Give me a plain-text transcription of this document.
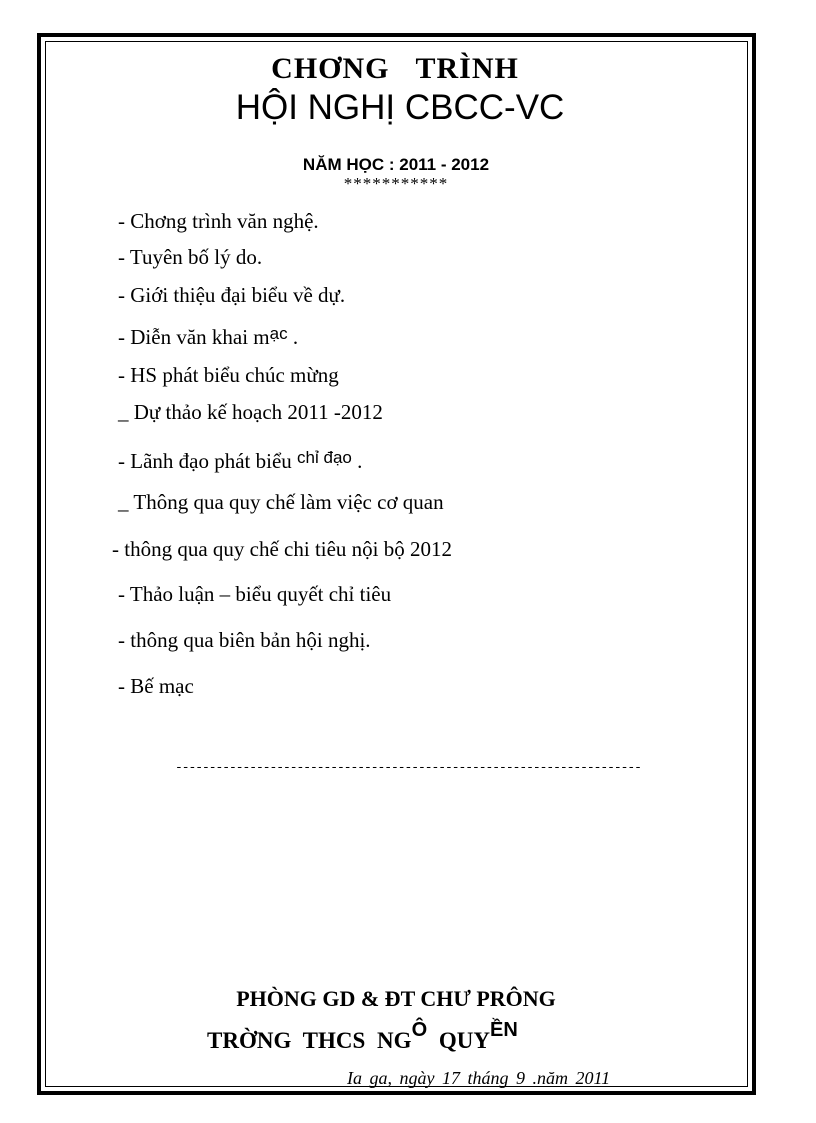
CHƠNG TRÌNH
HỘI NGHỊ CBCC-VC
NĂM HỌC : 2011 - 2012
***********
- Chơng trình văn nghệ.
- Tuyên bố lý do.
- Giới thiệu đại biểu về dự.
- Diễn văn khai $m^{ạc}$ .
- HS phát biểu chúc mừng
_ Dự thảo kế hoạch 2011 -2012
- Lãnh đạo phát biểu $^{chỉ đạo}$ .
_ Thông qua quy chế làm việc cơ quan
- thông qua quy chế chi tiêu nội bộ 2012
- Thảo luận – biểu quyết chỉ tiêu
- thông qua biên bản hội nghị.
- Bế mạc
---------------------------------------------------------------------
PHÒNG GD & ĐT CHƯ PRÔNG
TRỜNG THCS NGÔ QUYỀN
Ia ga, ngày 17 tháng 9 .năm 2011
